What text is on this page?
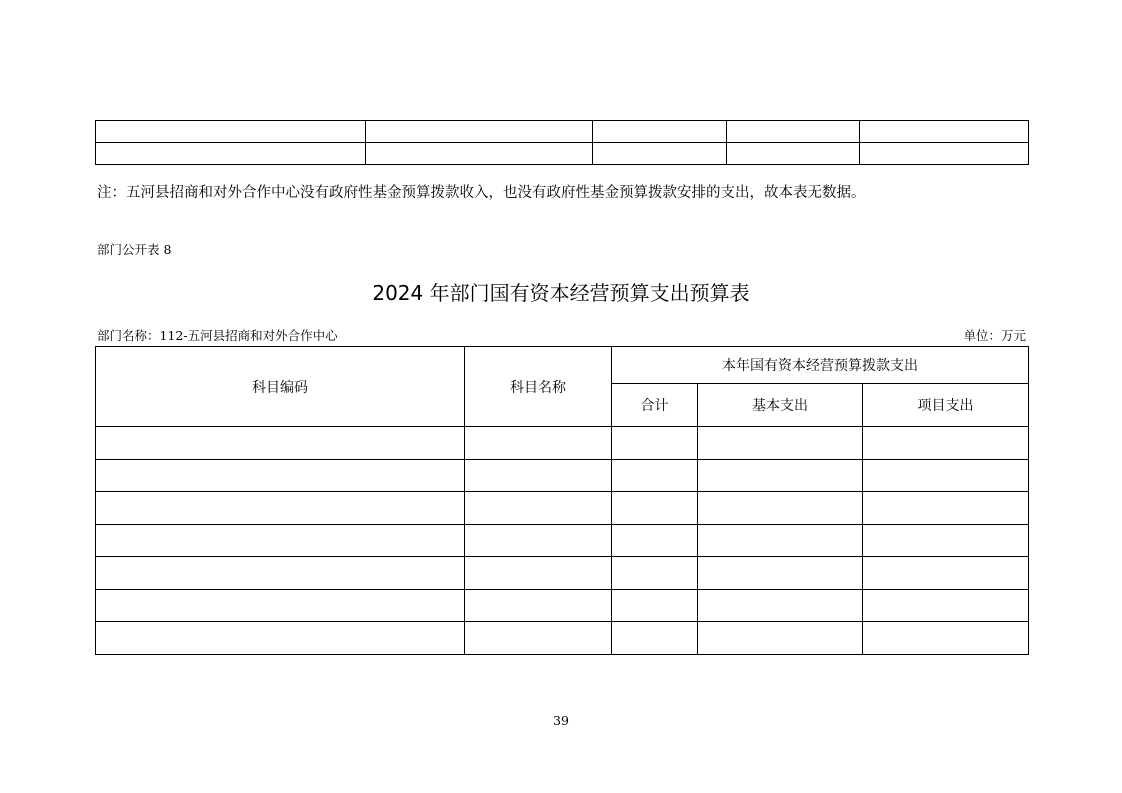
注：五河县招商和对外合作中心没有政府性基金预算拨款收入，也没有政府性基金预算拨款安排的支出，故本表无数据。
部门公开表 8
2024 年部门国有资本经营预算支出预算表
部门名称：112-五河县招商和对外合作中心	单位：万元
科目编码	科目名称	本年国有资本经营预算拨款支出		
		合计	基本支出	项目支出

39
